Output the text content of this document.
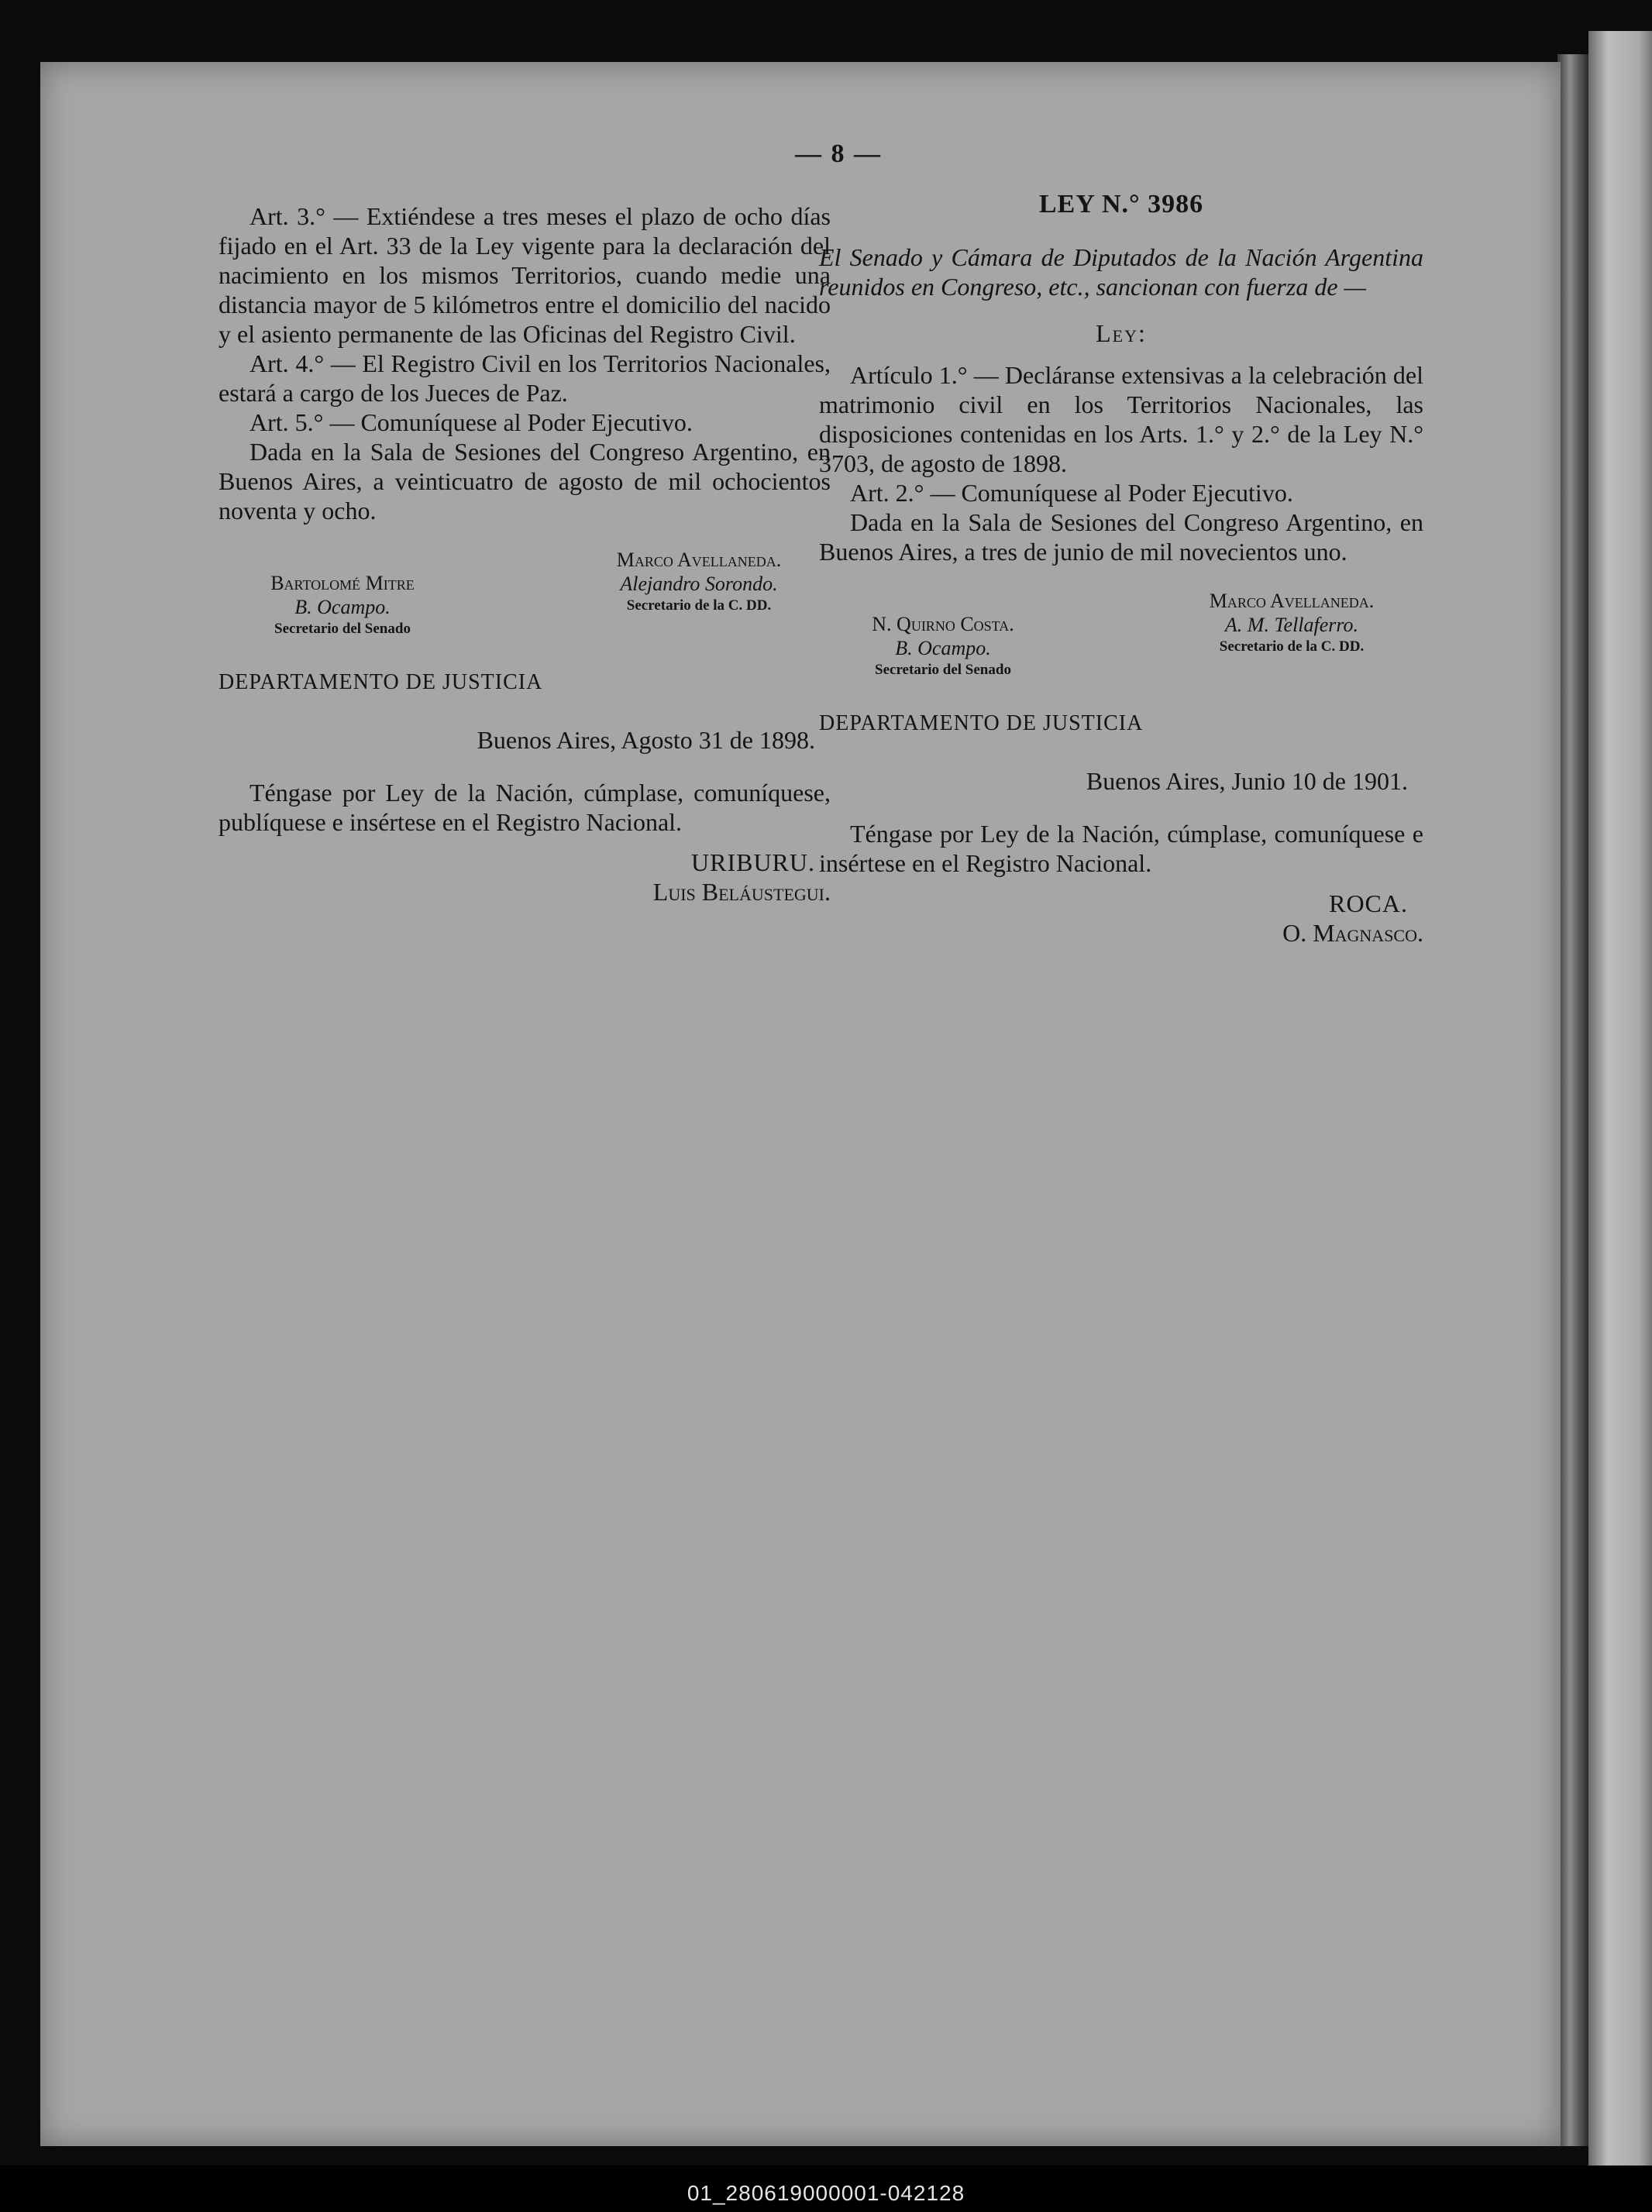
— 8 —

Art. 3.° — Extiéndese a tres meses el plazo de ocho días fijado en el Art. 33 de la Ley vigente para la declaración del nacimiento en los mismos Territorios, cuando medie una distancia mayor de 5 kilómetros entre el domicilio del nacido y el asiento permanente de las Oficinas del Registro Civil.

Art. 4.° — El Registro Civil en los Territorios Nacionales, estará a cargo de los Jueces de Paz.

Art. 5.° — Comuníquese al Poder Ejecutivo.

Dada en la Sala de Sesiones del Congreso Argentino, en Buenos Aires, a veinticuatro de agosto de mil ochocientos noventa y ocho.

Bartolomé Mitre
B. Ocampo.
Secretario del Senado
Marco Avellaneda.
Alejandro Sorondo.
Secretario de la C. DD.
DEPARTAMENTO DE JUSTICIA
Buenos Aires, Agosto 31 de 1898.

Téngase por Ley de la Nación, cúmplase, comuníquese, publíquese e insértese en el Registro Nacional.

URIBURU.
Luis Beláustegui.
LEY N.° 3986

El Senado y Cámara de Diputados de la Nación Argentina reunidos en Congreso, etc., sancionan con fuerza de —

Ley:

Artículo 1.° — Decláranse extensivas a la celebración del matrimonio civil en los Territorios Nacionales, las disposiciones contenidas en los Arts. 1.° y 2.° de la Ley N.° 3703, de agosto de 1898.

Art. 2.° — Comuníquese al Poder Ejecutivo.

Dada en la Sala de Sesiones del Congreso Argentino, en Buenos Aires, a tres de junio de mil novecientos uno.

N. Quirno Costa.
B. Ocampo.
Secretario del Senado
Marco Avellaneda.
A. M. Tellaferro.
Secretario de la C. DD.
DEPARTAMENTO DE JUSTICIA
Buenos Aires, Junio 10 de 1901.

Téngase por Ley de la Nación, cúmplase, comuníquese e insértese en el Registro Nacional.

ROCA.
O. Magnasco.
01_280619000001-042128
